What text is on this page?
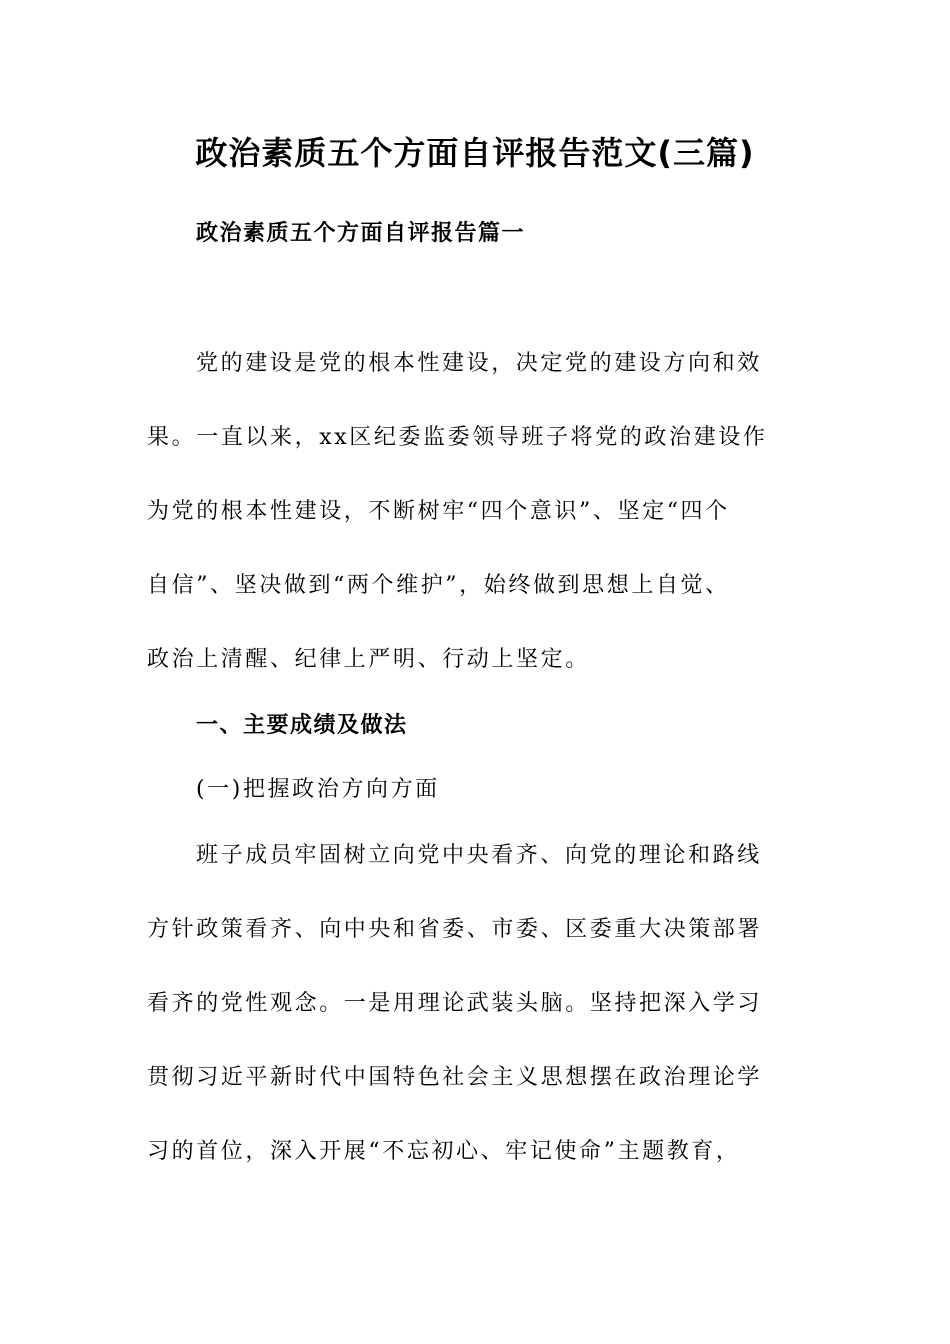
政治素质五个方面自评报告范文(三篇)
政治素质五个方面自评报告篇一
党的建设是党的根本性建设，决定党的建设方向和效
果。一直以来，xx区纪委监委领导班子将党的政治建设作
为党的根本性建设，不断树牢“四个意识”、坚定“四个
自信”、坚决做到“两个维护”，始终做到思想上自觉、
政治上清醒、纪律上严明、行动上坚定。
一、主要成绩及做法
(一)把握政治方向方面
班子成员牢固树立向党中央看齐、向党的理论和路线
方针政策看齐、向中央和省委、市委、区委重大决策部署
看齐的党性观念。一是用理论武装头脑。坚持把深入学习
贯彻习近平新时代中国特色社会主义思想摆在政治理论学
习的首位，深入开展“不忘初心、牢记使命”主题教育，
